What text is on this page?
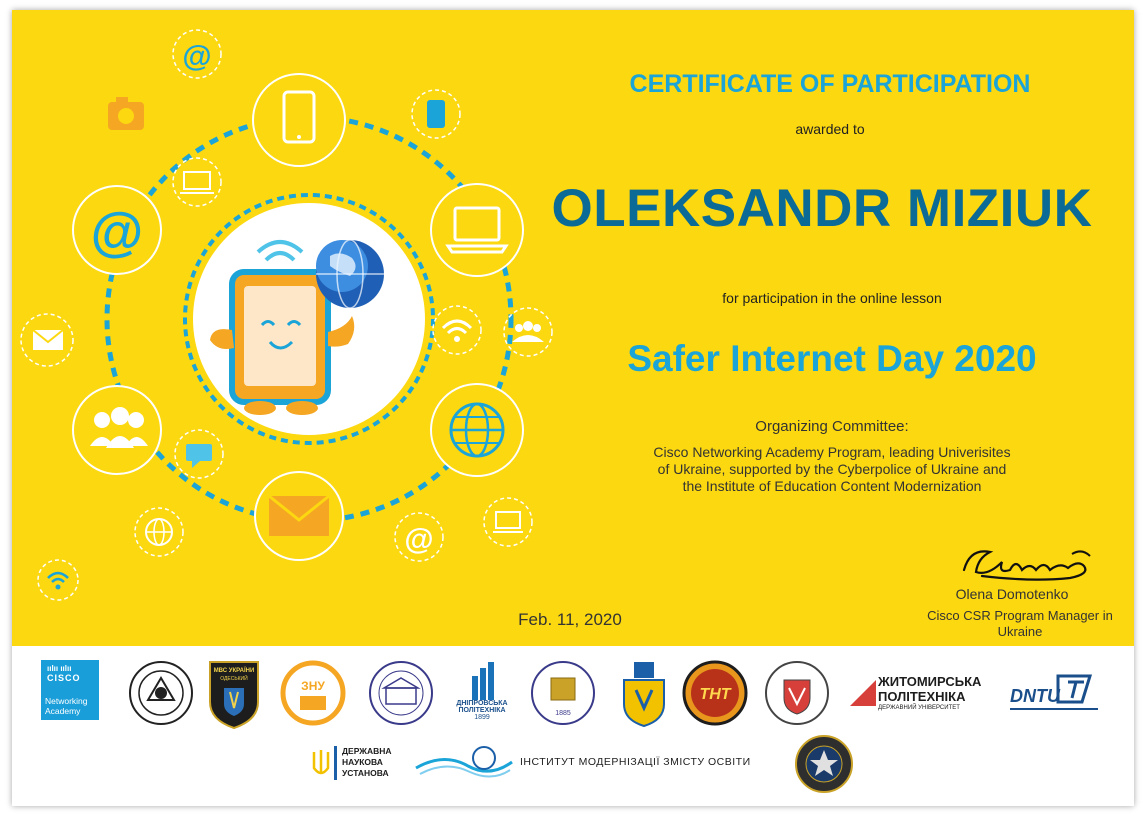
@
@
@
CERTIFICATE OF PARTICIPATION
awarded to
OLEKSANDR MIZIUK
for participation in the online lesson
Safer Internet Day 2020
Organizing Committee:
Cisco Networking Academy Program, leading Univerisites
of Ukraine, supported by the Cyberpolice of Ukraine and
the Institute of Education Content Modernization
Feb. 11, 2020
Olena Domotenko
Cisco CSR Program Manager in
Ukraine
ıılıı ıılıı
CISCO
Networking
Academy
МВС УКРАЇНИ
ОДЕСЬКИЙ	ЗНУ
ДНІПРОВСЬКА
ПОЛІТЕХНІКА
1899
1885
ТНТ
ЖИТОМИРСЬКА
ПОЛІТЕХНІКА
ДЕРЖАВНИЙ УНІВЕРСИТЕТ
DNTU
ДЕРЖАВНА
НАУКОВА
УСТАНОВА
ІНСТИТУТ МОДЕРНІЗАЦІЇ ЗМІСТУ ОСВІТИ
